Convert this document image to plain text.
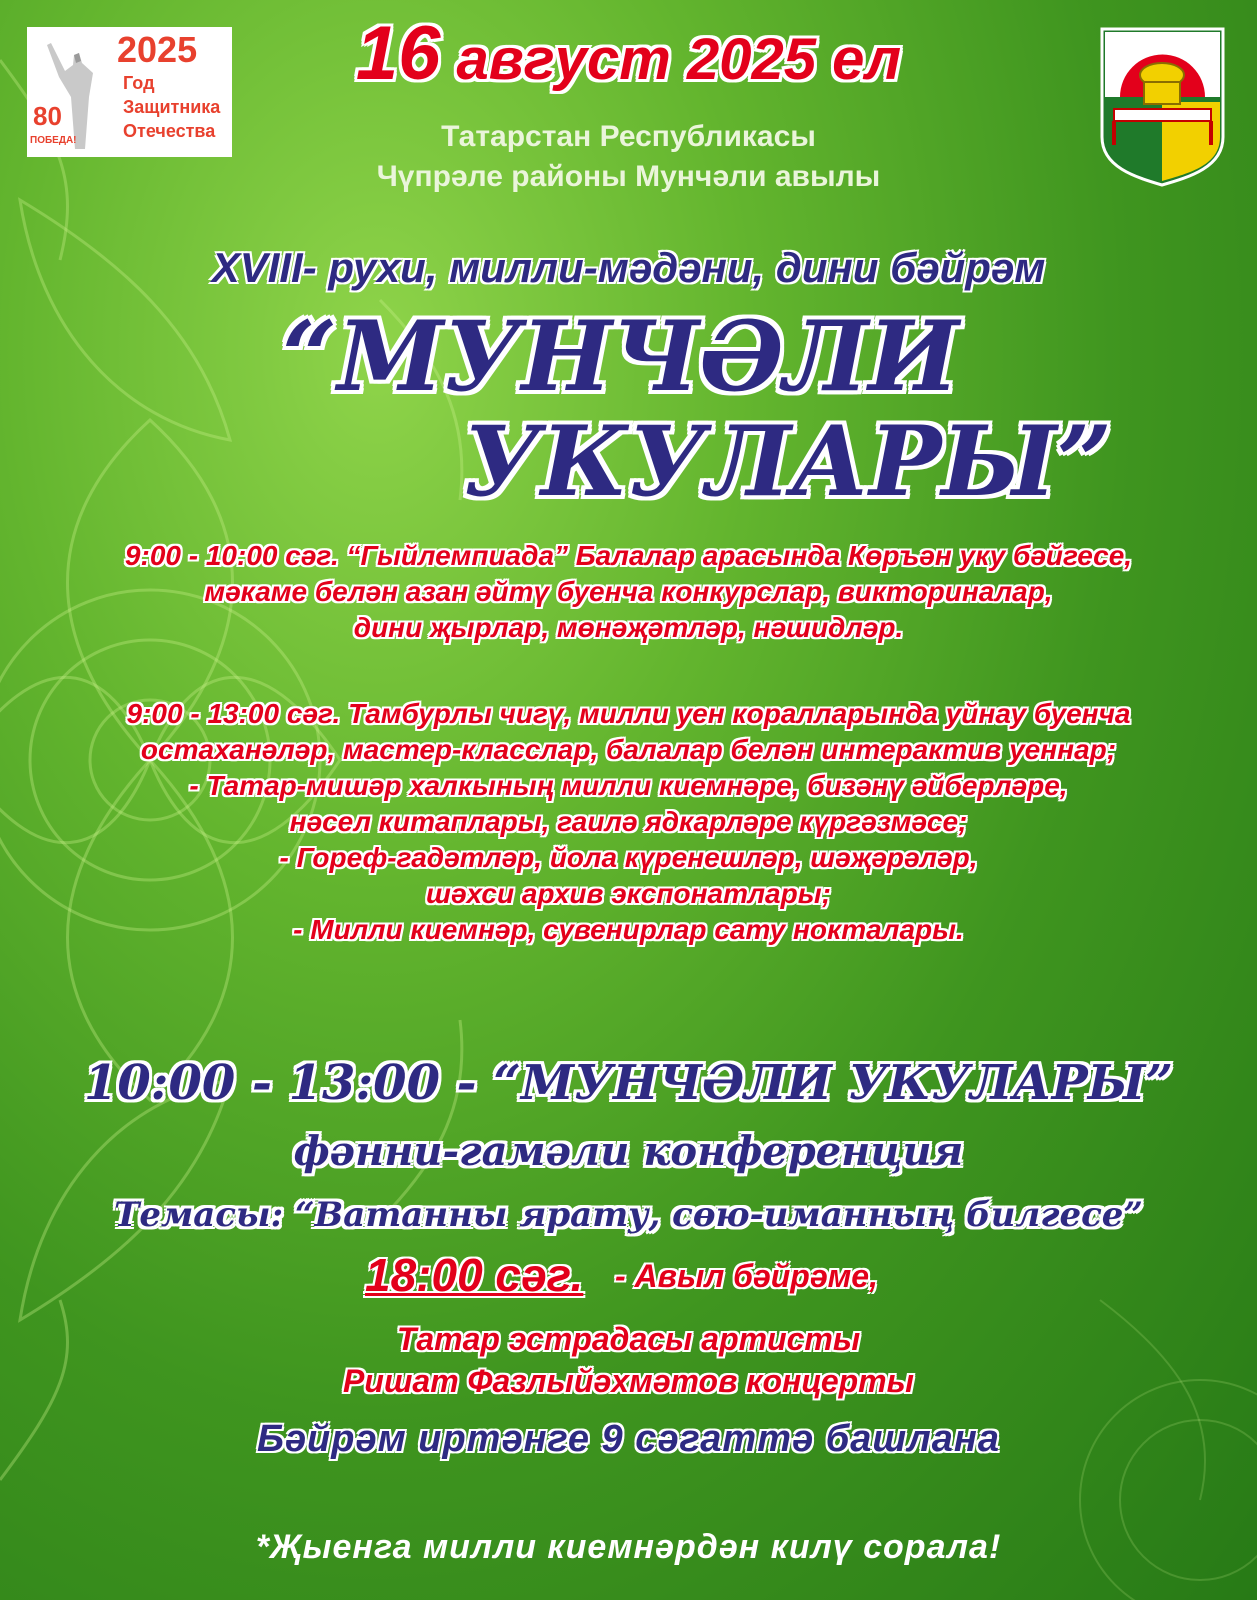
2025
Год
Защитника
Отечества
80
ПОБЕДА!
16 август 2025 ел
Татарстан Республикасы
Чүпрәле районы Мунчәли авылы
XVIII- рухи, милли-мәдәни, дини бәйрәм
“МУНЧӘЛИ
УКУЛАРЫ”
9:00 - 10:00 сәг. “Гыйлемпиада” Балалар арасында Көръән уку бәйгесе,
мәкаме белән азан әйтү буенча конкурслар, викториналар,
дини җырлар, мөнәҗәтләр, нәшидләр.
9:00 - 13:00 сәг. Тамбурлы чигү, милли уен коралларында уйнау буенча
остаханәләр, мастер-класслар, балалар белән интерактив уеннар;
- Татар-мишәр халкының милли киемнәре, бизәнү әйберләре,
нәсел китаплары, гаилә ядкарләре күргәзмәсе;
- Гореф-гадәтләр, йола күренешләр, шәҗәрәләр,
шәхси архив экспонатлары;
- Милли киемнәр, сувенирлар сату нокталары.
10:00 - 13:00 - “МУНЧӘЛИ УКУЛАРЫ”
фәнни-гамәли конференция
Темасы: “Ватанны ярату, сөю-иманның билгесе”
18:00 сәг. - Авыл бәйрәме,
Татар эстрадасы артисты
Ришат Фазлыйәхмәтов концерты
Бәйрәм иртәнге 9 сәгаттә башлана
*Җыенга милли киемнәрдән килү сорала!
